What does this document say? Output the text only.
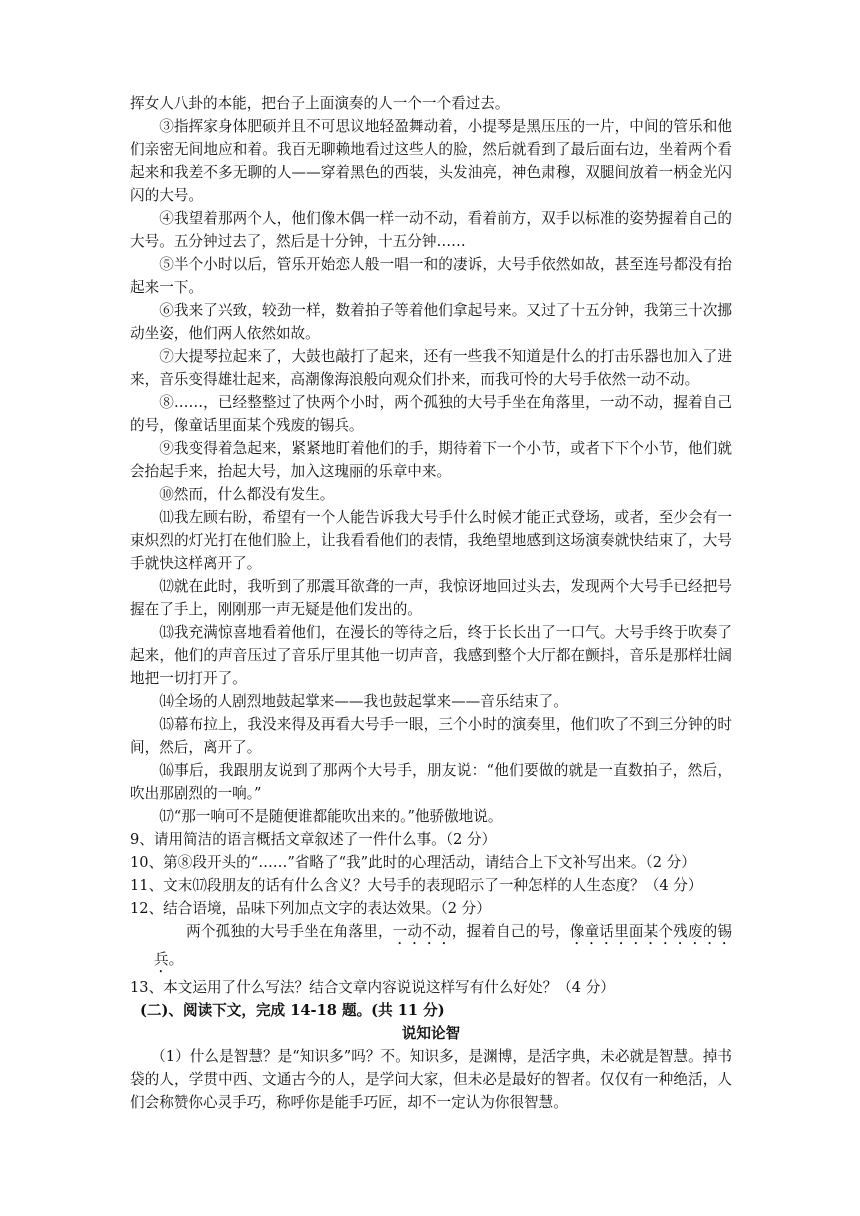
挥女人八卦的本能，把台子上面演奏的人一个一个看过去。

③指挥家身体肥硕并且不可思议地轻盈舞动着，小提琴是黑压压的一片，中间的管乐和他们亲密无间地应和着。我百无聊赖地看过这些人的脸，然后就看到了最后面右边，坐着两个看起来和我差不多无聊的人——穿着黑色的西装，头发油亮，神色肃穆，双腿间放着一柄金光闪闪的大号。

④我望着那两个人，他们像木偶一样一动不动，看着前方，双手以标准的姿势握着自己的大号。五分钟过去了，然后是十分钟，十五分钟……

⑤半个小时以后，管乐开始恋人般一唱一和的凄诉，大号手依然如故，甚至连号都没有抬起来一下。

⑥我来了兴致，较劲一样，数着拍子等着他们拿起号来。又过了十五分钟，我第三十次挪动坐姿，他们两人依然如故。

⑦大提琴拉起来了，大鼓也敲打了起来，还有一些我不知道是什么的打击乐器也加入了进来，音乐变得雄壮起来，高潮像海浪般向观众们扑来，而我可怜的大号手依然一动不动。

⑧……，已经整整过了快两个小时，两个孤独的大号手坐在角落里，一动不动，握着自己的号，像童话里面某个残废的锡兵。

⑨我变得着急起来，紧紧地盯着他们的手，期待着下一个小节，或者下下个小节，他们就会抬起手来，抬起大号，加入这瑰丽的乐章中来。

⑩然而，什么都没有发生。

⑾我左顾右盼，希望有一个人能告诉我大号手什么时候才能正式登场，或者，至少会有一束炽烈的灯光打在他们脸上，让我看看他们的表情，我绝望地感到这场演奏就快结束了，大号手就快这样离开了。

⑿就在此时，我听到了那震耳欲聋的一声，我惊讶地回过头去，发现两个大号手已经把号握在了手上，刚刚那一声无疑是他们发出的。

⒀我充满惊喜地看着他们，在漫长的等待之后，终于长长出了一口气。大号手终于吹奏了起来，他们的声音压过了音乐厅里其他一切声音，我感到整个大厅都在颤抖，音乐是那样壮阔地把一切打开了。

⒁全场的人剧烈地鼓起掌来——我也鼓起掌来——音乐结束了。

⒂幕布拉上，我没来得及再看大号手一眼，三个小时的演奏里，他们吹了不到三分钟的时间，然后，离开了。

⒃事后，我跟朋友说到了那两个大号手，朋友说：“他们要做的就是一直数拍子，然后，吹出那剧烈的一响。”

⒄“那一响可不是随便谁都能吹出来的。”他骄傲地说。

9、请用简洁的语言概括文章叙述了一件什么事。（2 分）

10、第⑧段开头的“……”省略了“我”此时的心理活动，请结合上下文补写出来。（2 分）

11、文末⒄段朋友的话有什么含义？大号手的表现昭示了一种怎样的人生态度？（4 分）

12、结合语境，品味下列加点文字的表达效果。（2 分）

两个孤独的大号手坐在角落里，一动不动，握着自己的号，像童话里面某个残废的锡兵。

13、本文运用了什么写法？结合文章内容说说这样写有什么好处？（4 分）

(二)、阅读下文，完成 14-18 题。(共 11 分)

说知论智

（1）什么是智慧？是“知识多”吗？不。知识多，是渊博，是活字典，未必就是智慧。掉书袋的人，学贯中西、文通古今的人，是学问大家，但未必是最好的智者。仅仅有一种绝活，人们会称赞你心灵手巧，称呼你是能手巧匠，却不一定认为你很智慧。
